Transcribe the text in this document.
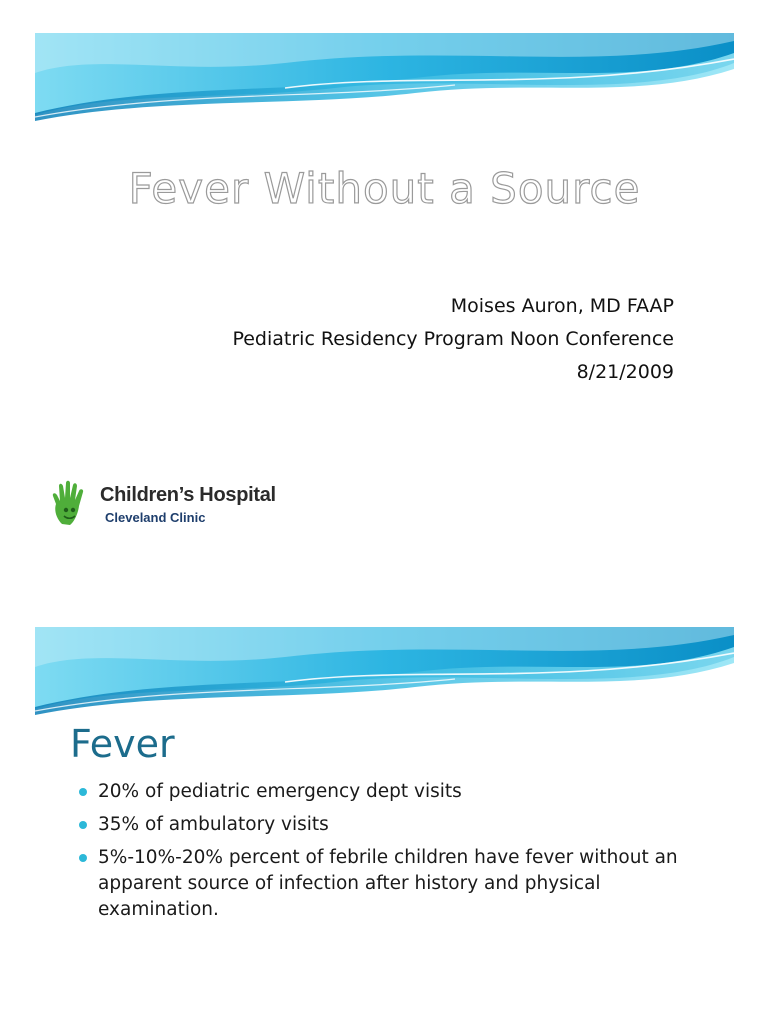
Fever Without a Source
Moises Auron, MD FAAP
Pediatric Residency Program Noon Conference
8/21/2009
Children’s Hospital
Cleveland Clinic
Fever
20% of pediatric emergency dept visits
35% of ambulatory visits
5%-10%-20% percent of febrile children have fever without an apparent source of infection after history and physical examination.
